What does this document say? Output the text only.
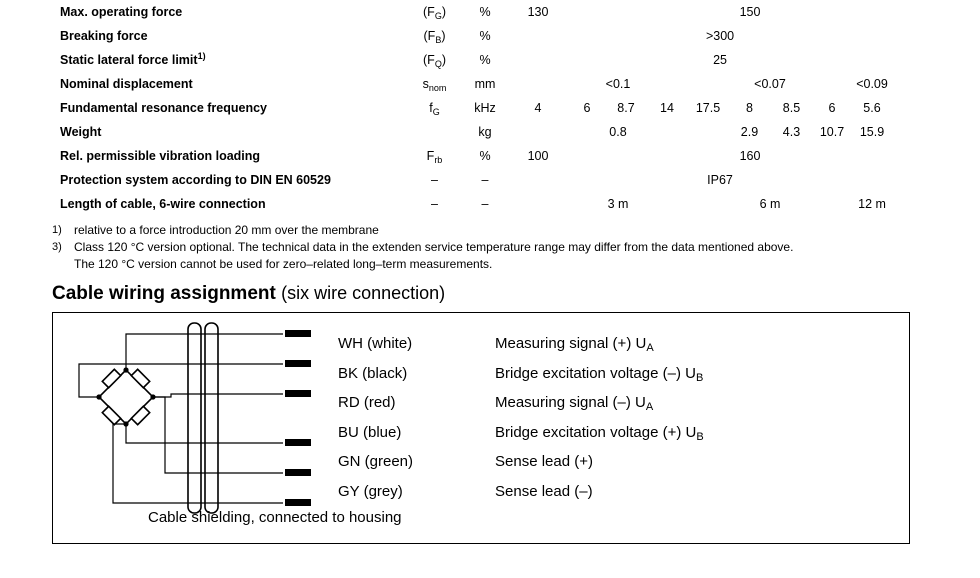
Max. operating force	$(F_G)$	%	130	150									
Breaking force	$(F_B)$	%	>300										
Static lateral force limit$^{1)}$	$(F_Q)$	%	25										
Nominal displacement	$s_{nom}$	mm	<0.1					<0.07		<0.09			
Fundamental resonance frequency	$f_G$	kHz	4	6	8.7	14	17.5	8	8.5	6	5.6		
Weight		kg	0.8					2.9	4.3	10.7	15.9		
Rel. permissible vibration loading	$F_{rb}$	%	100	160									
Protection system according to DIN EN 60529	–	–	IP67										
Length of cable, 6-wire connection	–	–	3 m					6 m		12 m			
1)	relative to a force introduction 20 mm over the membrane
3)	Class 120 °C version optional. The technical data in the extenden service temperature range may differ from the data mentioned above.
The 120 °C version cannot be used for zero–related long–term measurements.
Cable wiring assignment (six wire connection)
WH (white)	Measuring signal (+) $U_A$
BK (black)	Bridge excitation voltage (–) $U_B$
RD (red)	Measuring signal (–) $U_A$
BU (blue)	Bridge excitation voltage (+) $U_B$
GN (green)	Sense lead (+)
GY (grey)	Sense lead (–)
Cable shielding, connected to housing
